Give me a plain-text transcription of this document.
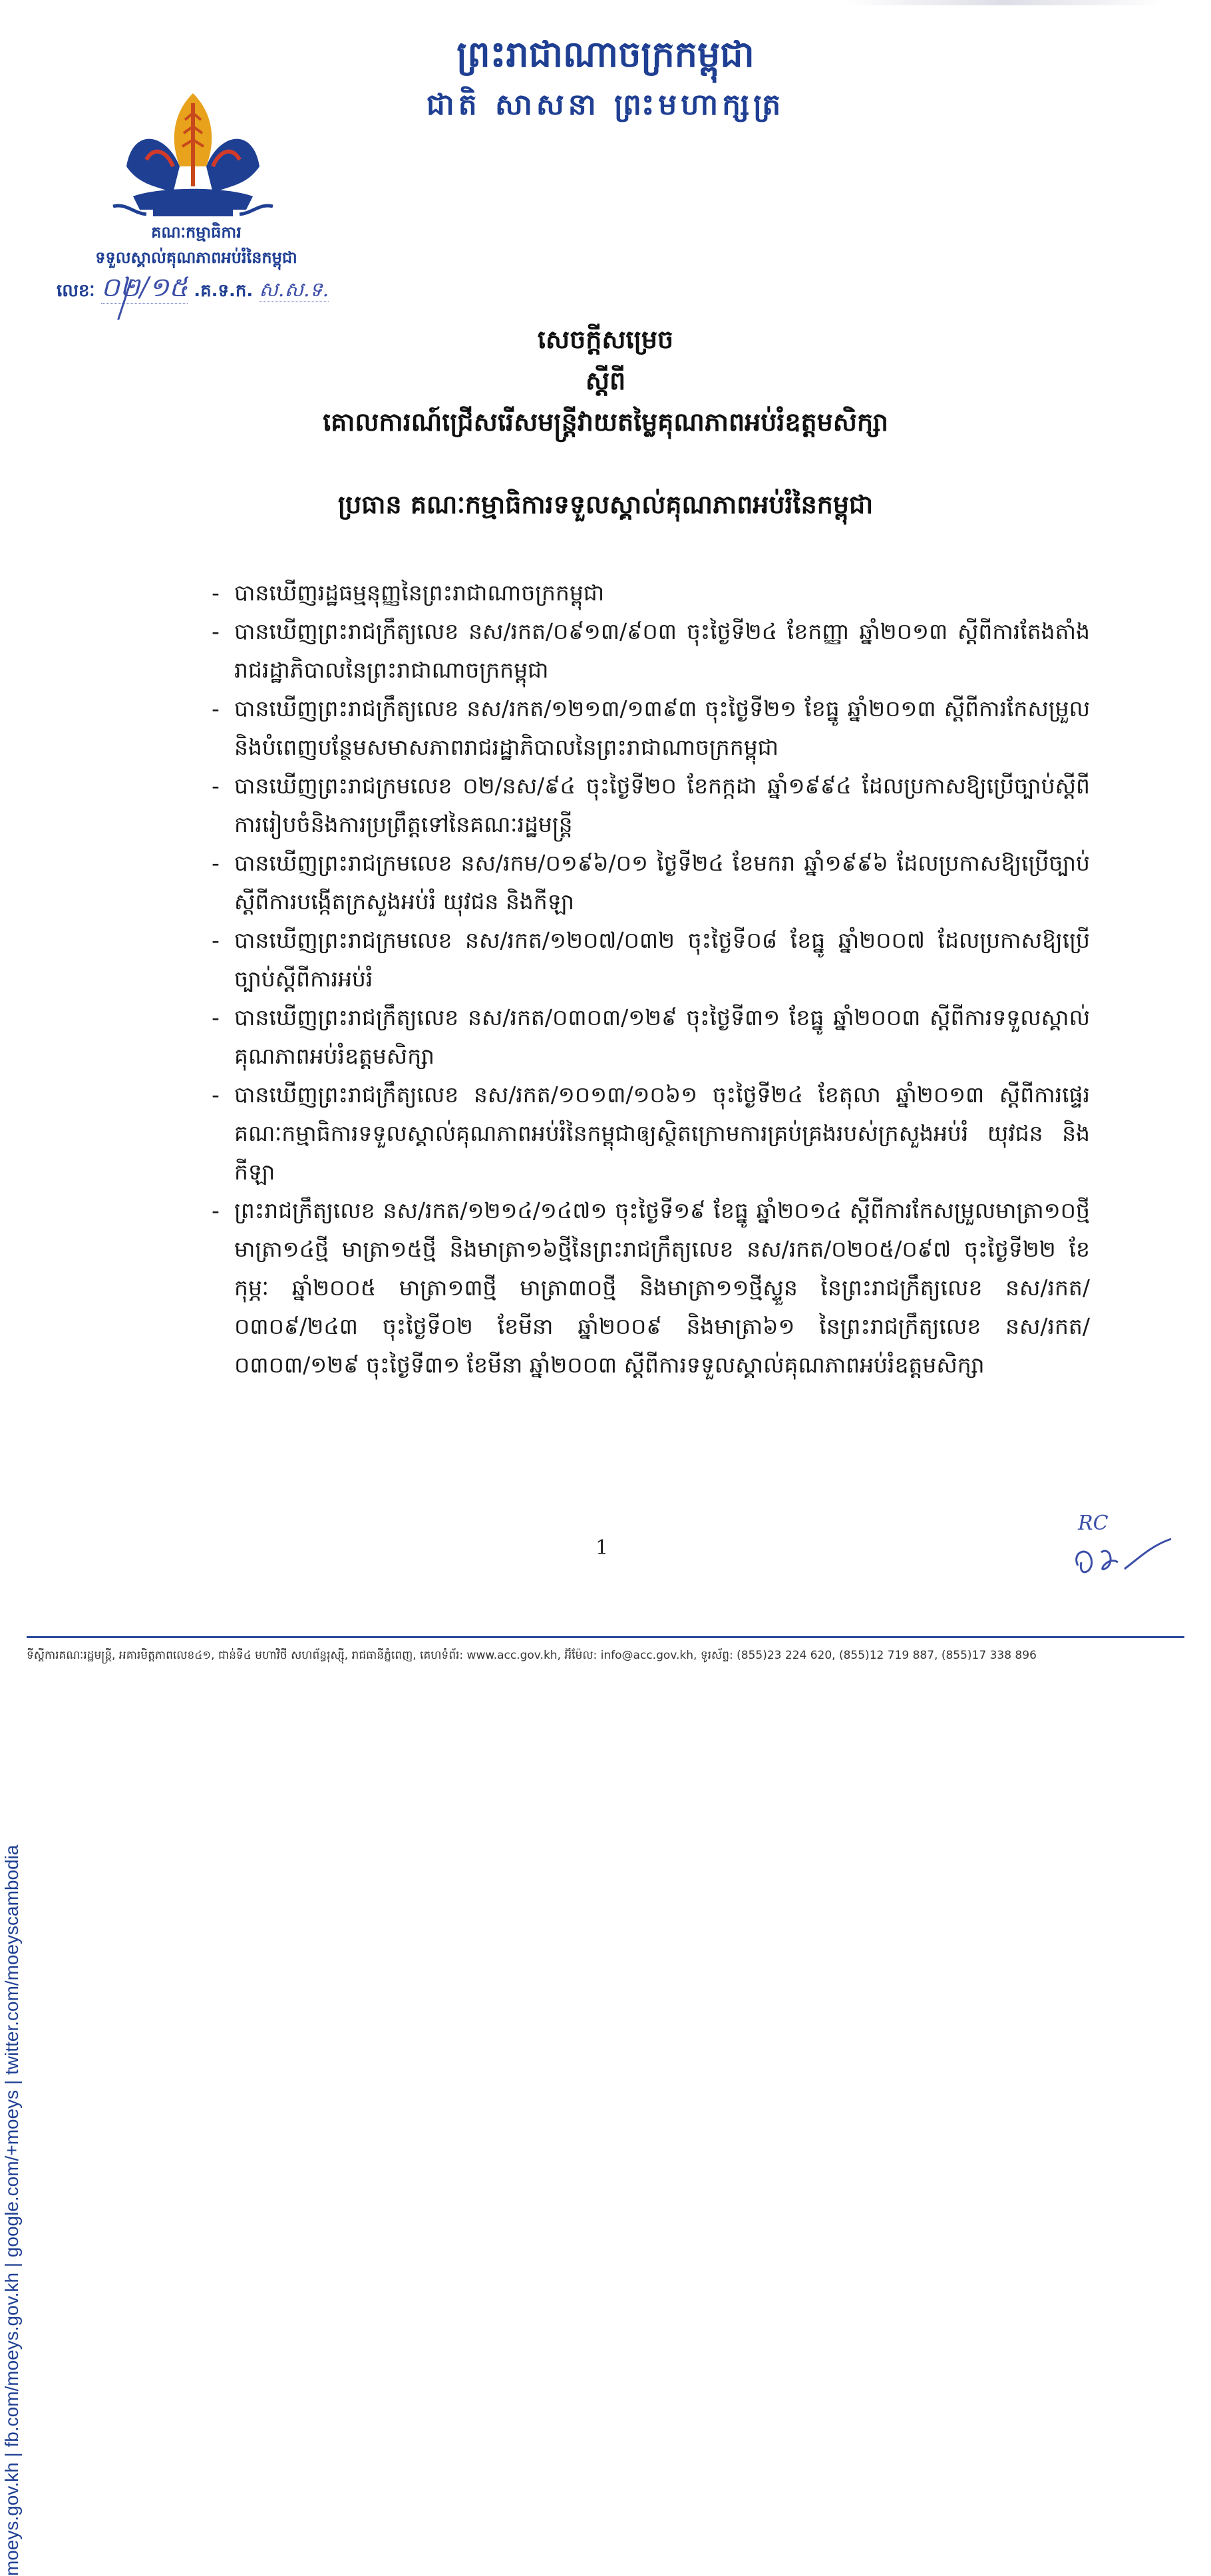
ព្រះរាជាណាចក្រកម្ពុជា
ជាតិ សាសនា ព្រះមហាក្សត្រ
គណៈកម្មាធិការ
ទទួលស្គាល់គុណភាពអប់រំនៃកម្ពុជា
លេខៈ ០២/១៥ .គ.ទ.ក. ស.ស.ទ.
សេចក្តីសម្រេច
ស្តីពី
គោលការណ៍ជ្រើសរើសមន្ត្រីវាយតម្លៃគុណភាពអប់រំឧត្តមសិក្សា
ប្រធាន គណៈកម្មាធិការទទួលស្គាល់គុណភាពអប់រំនៃកម្ពុជា
- បានឃើញរដ្ឋធម្មនុញ្ញនៃព្រះរាជាណាចក្រកម្ពុជា
- បានឃើញព្រះរាជក្រឹត្យលេខ នស/រកត/០៩១៣/៩០៣ ចុះថ្ងៃទី២៤ ខែកញ្ញា ឆ្នាំ២០១៣ ស្តីពីការតែងតាំងរាជរដ្ឋាភិបាលនៃព្រះរាជាណាចក្រកម្ពុជា
- បានឃើញព្រះរាជក្រឹត្យលេខ នស/រកត/១២១៣/១៣៩៣ ចុះថ្ងៃទី២១ ខែធ្នូ ឆ្នាំ២០១៣ ស្តីពីការកែសម្រួលនិងបំពេញបន្ថែមសមាសភាពរាជរដ្ឋាភិបាលនៃព្រះរាជាណាចក្រកម្ពុជា
- បានឃើញព្រះរាជក្រមលេខ ០២/នស/៩៤ ចុះថ្ងៃទី២០ ខែកក្កដា ឆ្នាំ១៩៩៤ ដែលប្រកាសឱ្យប្រើច្បាប់ស្តីពីការរៀបចំនិងការប្រព្រឹត្តទៅនៃគណៈរដ្ឋមន្ត្រី
- បានឃើញព្រះរាជក្រមលេខ នស/រកម/០១៩៦/០១ ថ្ងៃទី២៤ ខែមករា ឆ្នាំ១៩៩៦ ដែលប្រកាសឱ្យប្រើច្បាប់ស្តីពីការបង្កើតក្រសួងអប់រំ យុវជន និងកីឡា
- បានឃើញព្រះរាជក្រមលេខ នស/រកត/១២០៧/០៣២ ចុះថ្ងៃទី០៨ ខែធ្នូ ឆ្នាំ២០០៧ ដែលប្រកាសឱ្យប្រើច្បាប់ស្តីពីការអប់រំ
- បានឃើញព្រះរាជក្រឹត្យលេខ នស/រកត/០៣០៣/១២៩ ចុះថ្ងៃទី៣១ ខែធ្នូ ឆ្នាំ២០០៣ ស្តីពីការទទួលស្គាល់គុណភាពអប់រំឧត្តមសិក្សា
- បានឃើញព្រះរាជក្រឹត្យលេខ នស/រកត/១០១៣/១០៦១ ចុះថ្ងៃទី២៤ ខែតុលា ឆ្នាំ២០១៣ ស្តីពីការផ្ទេរ គណៈកម្មាធិការទទួលស្គាល់គុណភាពអប់រំនៃកម្ពុជាឲ្យស្ថិតក្រោមការគ្រប់គ្រងរបស់ក្រសួងអប់រំ យុវជន និងកីឡា
- ព្រះរាជក្រឹត្យលេខ នស/រកត/១២១៤/១៤៧១ ចុះថ្ងៃទី១៩ ខែធ្នូ ឆ្នាំ២០១៤ ស្តីពីការកែសម្រួលមាត្រា១០ថ្មី មាត្រា១៤ថ្មី មាត្រា១៥ថ្មី និងមាត្រា១៦ថ្មីនៃព្រះរាជក្រឹត្យលេខ នស/រកត/០២០៥/០៩៧ ចុះថ្ងៃទី២២ ខែកុម្ភៈ ឆ្នាំ២០០៥ មាត្រា១៣ថ្មី មាត្រា៣០ថ្មី និងមាត្រា១១ថ្មីស្ទួន នៃព្រះរាជក្រឹត្យលេខ នស/រកត/០៣០៩/២៤៣ ចុះថ្ងៃទី០២ ខែមីនា ឆ្នាំ២០០៩ និងមាត្រា៦១ នៃព្រះរាជក្រឹត្យលេខ នស/រកត/០៣០៣/១២៩ ចុះថ្ងៃទី៣១ ខែមីនា ឆ្នាំ២០០៣ ស្តីពីការទទួលស្គាល់គុណភាពអប់រំឧត្តមសិក្សា
1
RC
ទីស្តីការគណៈរដ្ឋមន្ត្រី, អគារមិត្តភាពលេខ៤១, ជាន់ទី៤ មហាវិថី សហព័ន្ធរុស្ស៊ី, រាជធានីភ្នំពេញ, គេហទំព័រ: www.acc.gov.kh, អ៊ីម៉ែល: info@acc.gov.kh, ទូរស័ព្ទ: (855)23 224 620, (855)12 719 887, (855)17 338 896
moeys.gov.kh | fb.com/moeys.gov.kh | google.com/+moeys | twitter.com/moeyscambodia
